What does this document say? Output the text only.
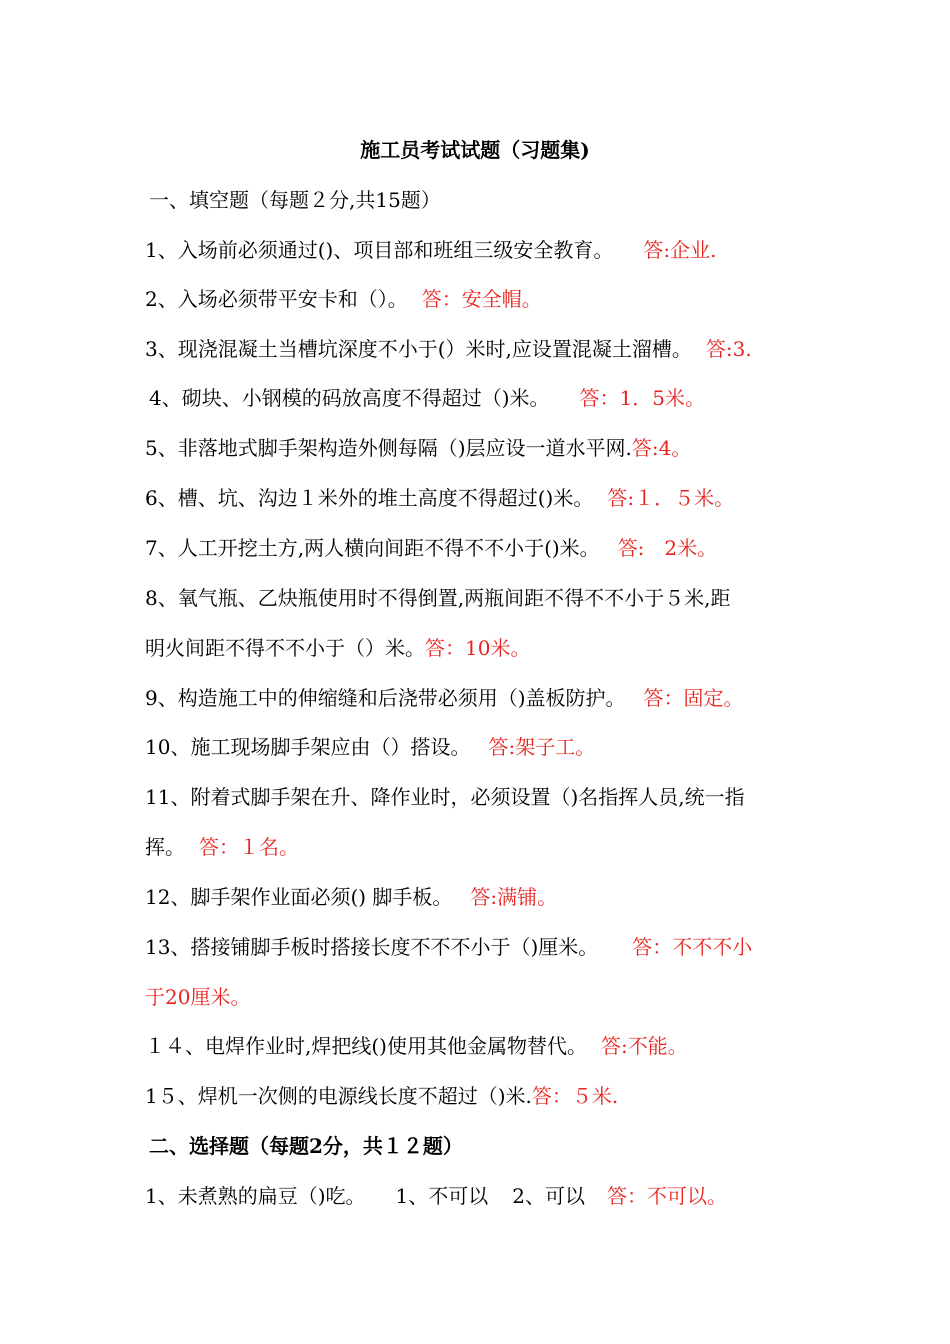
施工员考试试题（习题集)
一、填空题（每题２分,共15题）
1、入场前必须通过()、项目部和班组三级安全教育。 答:企业.
2、入场必须带平安卡和（）。 答：安全帽。
3、现浇混凝土当槽坑深度不小于(）米时,应设置混凝土溜槽。 答:3.
4、砌块、小钢模的码放高度不得超过（)米。 答：1．5米。
5、非落地式脚手架构造外侧每隔（)层应设一道水平网.答:4。
6、槽、坑、沟边１米外的堆土高度不得超过()米。 答:１．５米。
7、人工开挖土方,两人横向间距不得不不小于()米。 答:　2米。
8、氧气瓶、乙炔瓶使用时不得倒置,两瓶间距不得不不小于５米,距
明火间距不得不不小于（）米。答：10米。
9、构造施工中的伸缩缝和后浇带必须用（)盖板防护。 答：固定。
10、施工现场脚手架应由（）搭设。 答:架子工。
11、附着式脚手架在升、降作业时，必须设置（)名指挥人员,统一指
挥。 答：１名。
12、脚手架作业面必须() 脚手板。 答:满铺。
13、搭接铺脚手板时搭接长度不不不小于（)厘米。 答：不不不小
于20厘米。
１４、电焊作业时,焊把线()使用其他金属物替代。 答:不能。
1５、焊机一次侧的电源线长度不超过（)米.答：５米.
二、选择题（每题2分，共１２题）
1、未煮熟的扁豆（)吃。 1、不可以 2、可以 答：不可以。
